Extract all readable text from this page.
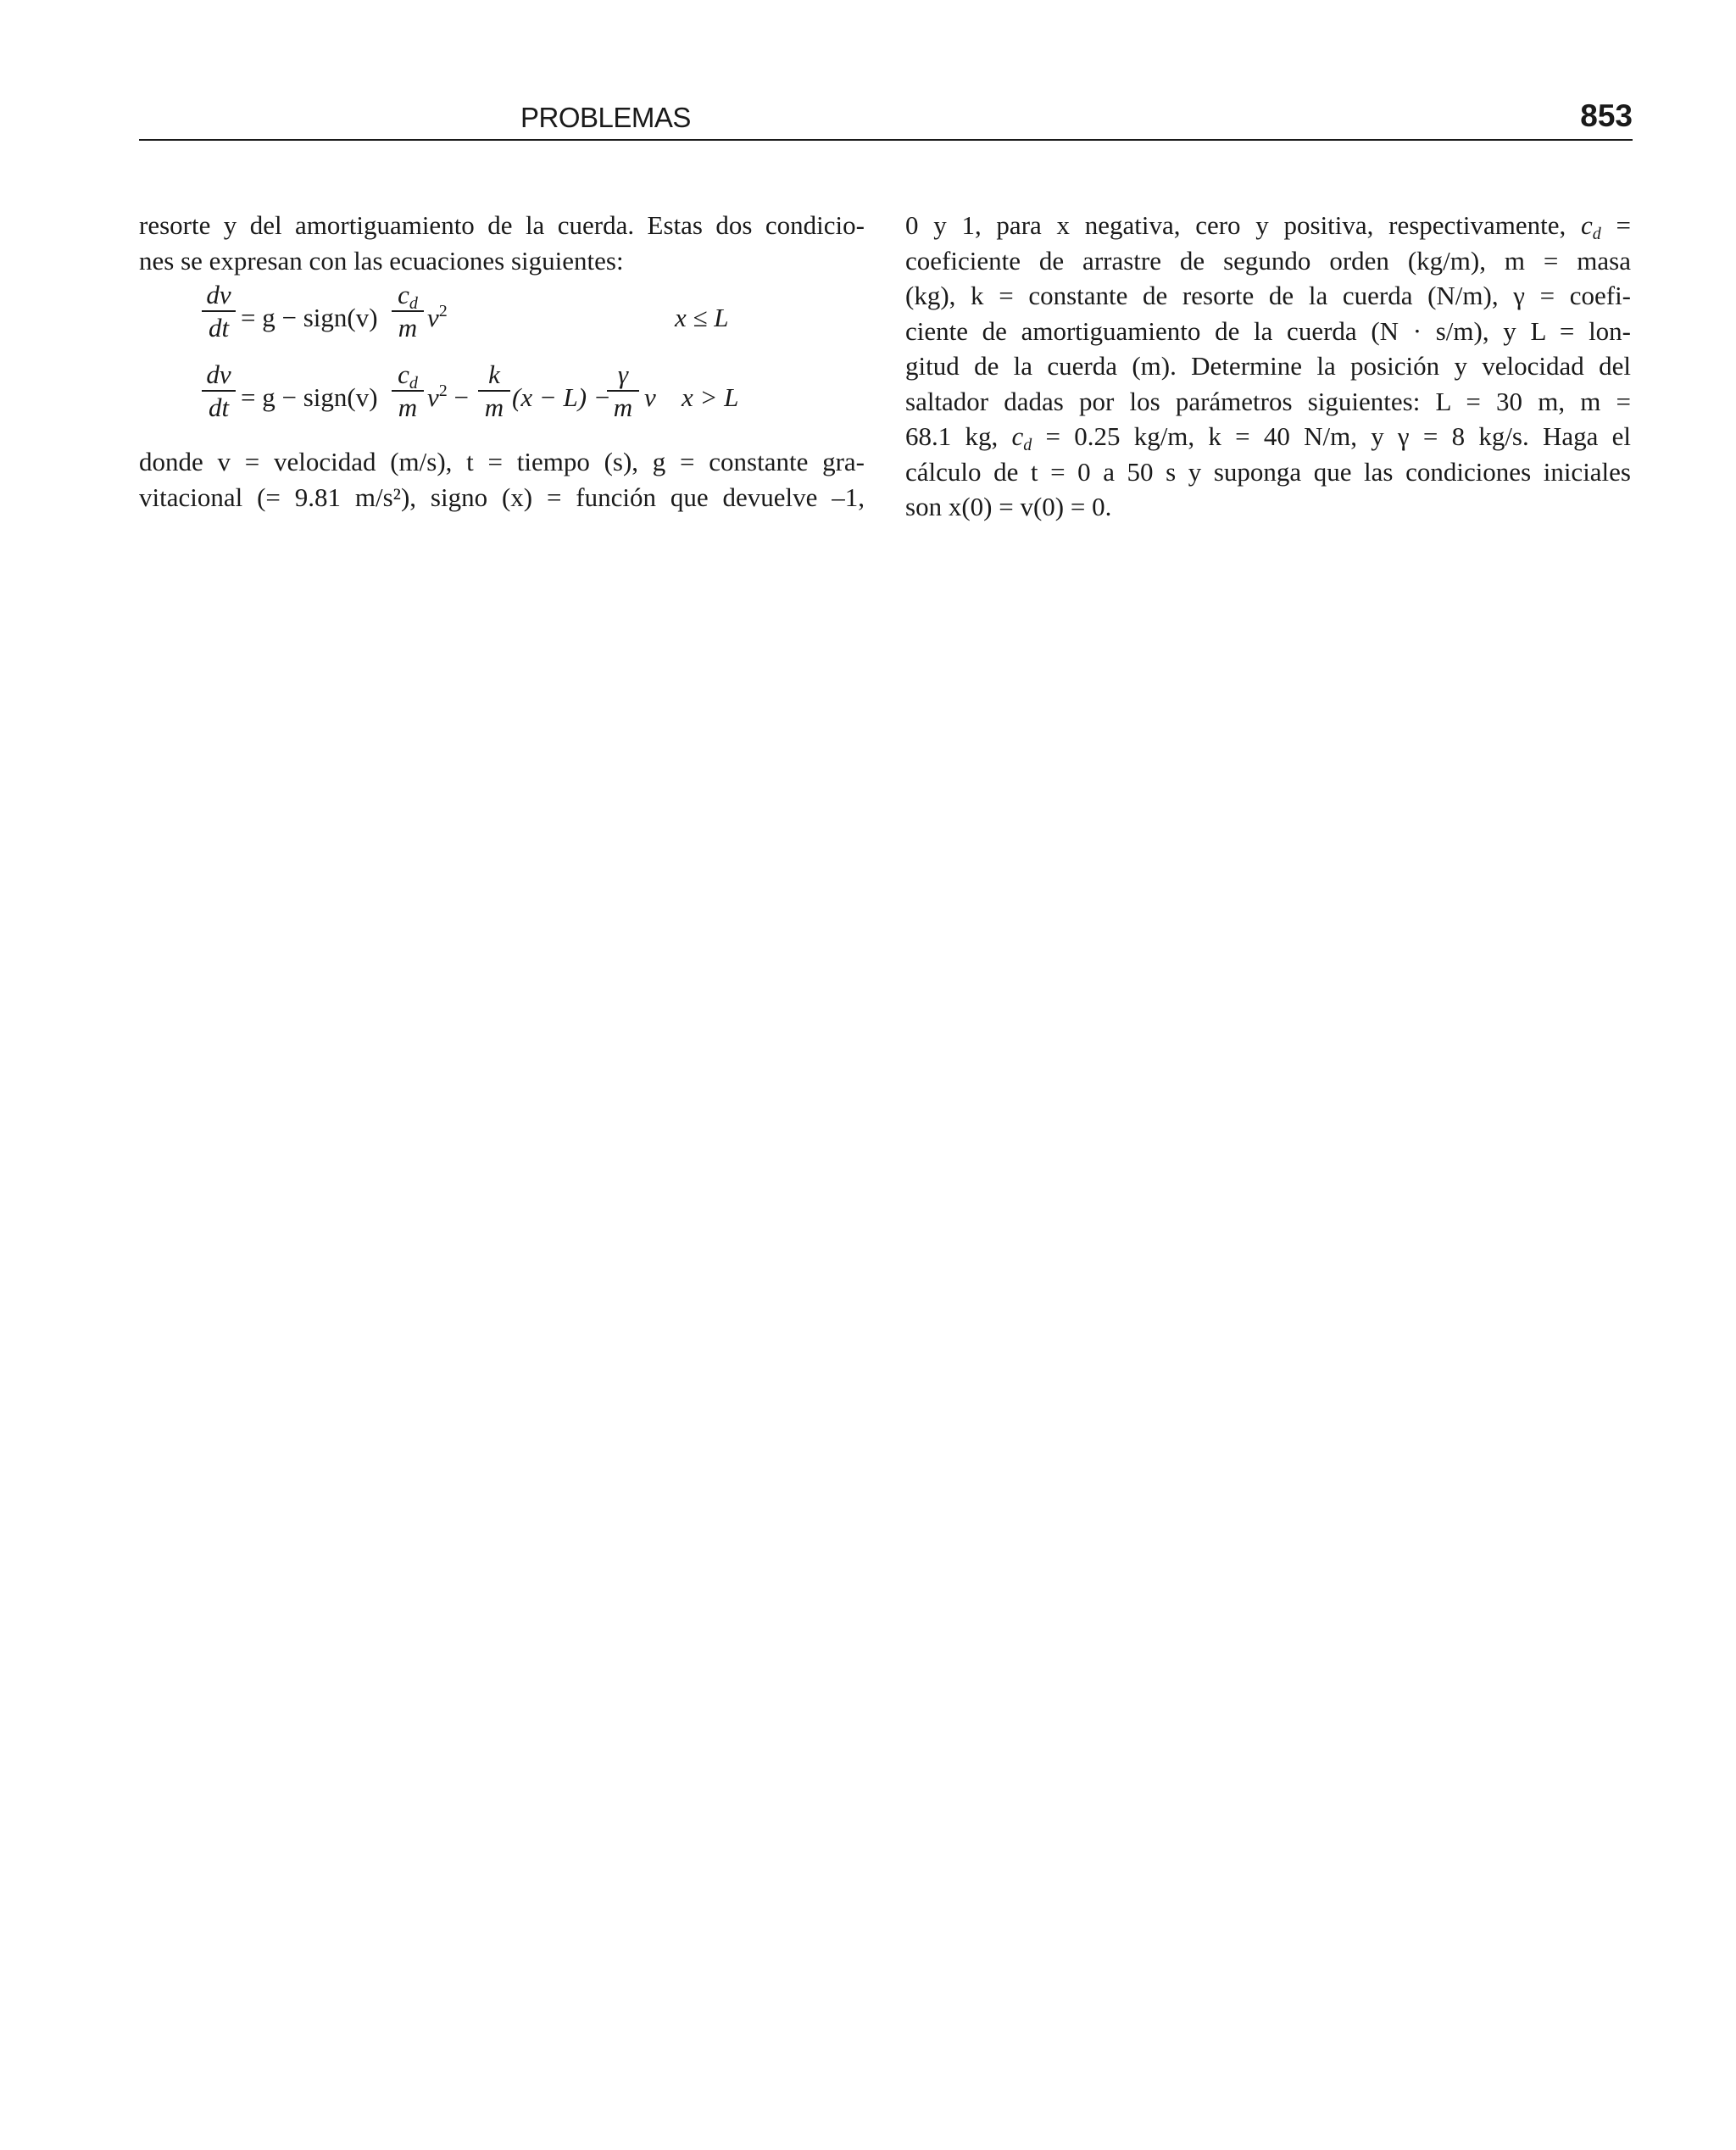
PROBLEMAS	853

resorte y del amortiguamiento de la cuerda. Estas dos condicio-
nes se expresan con las ecuaciones siguientes:

dv
dt = g − sign(v)
$c_d$
m $v^2$	x ≤ L
dv
dt = g − sign(v)
$c_d$
m $v^2$ −
k
m (x − L) −
γ
m v x > L

donde v = velocidad (m/s), t = tiempo (s), g = constante gra-
vitacional (= 9.81 m/s²), signo (x) = función que devuelve –1,

0 y 1, para x negativa, cero y positiva, respectivamente, $c_d$ =
coeficiente de arrastre de segundo orden (kg/m), m = masa
(kg), k = constante de resorte de la cuerda (N/m), γ = coefi-
ciente de amortiguamiento de la cuerda (N · s/m), y L = lon-
gitud de la cuerda (m). Determine la posición y velocidad del
saltador dadas por los parámetros siguientes: L = 30 m, m =
68.1 kg, $c_d = 0.25$ kg/m, k = 40 N/m, y γ = 8 kg/s. Haga el
cálculo de t = 0 a 50 s y suponga que las condiciones iniciales
son x(0) = v(0) = 0.
